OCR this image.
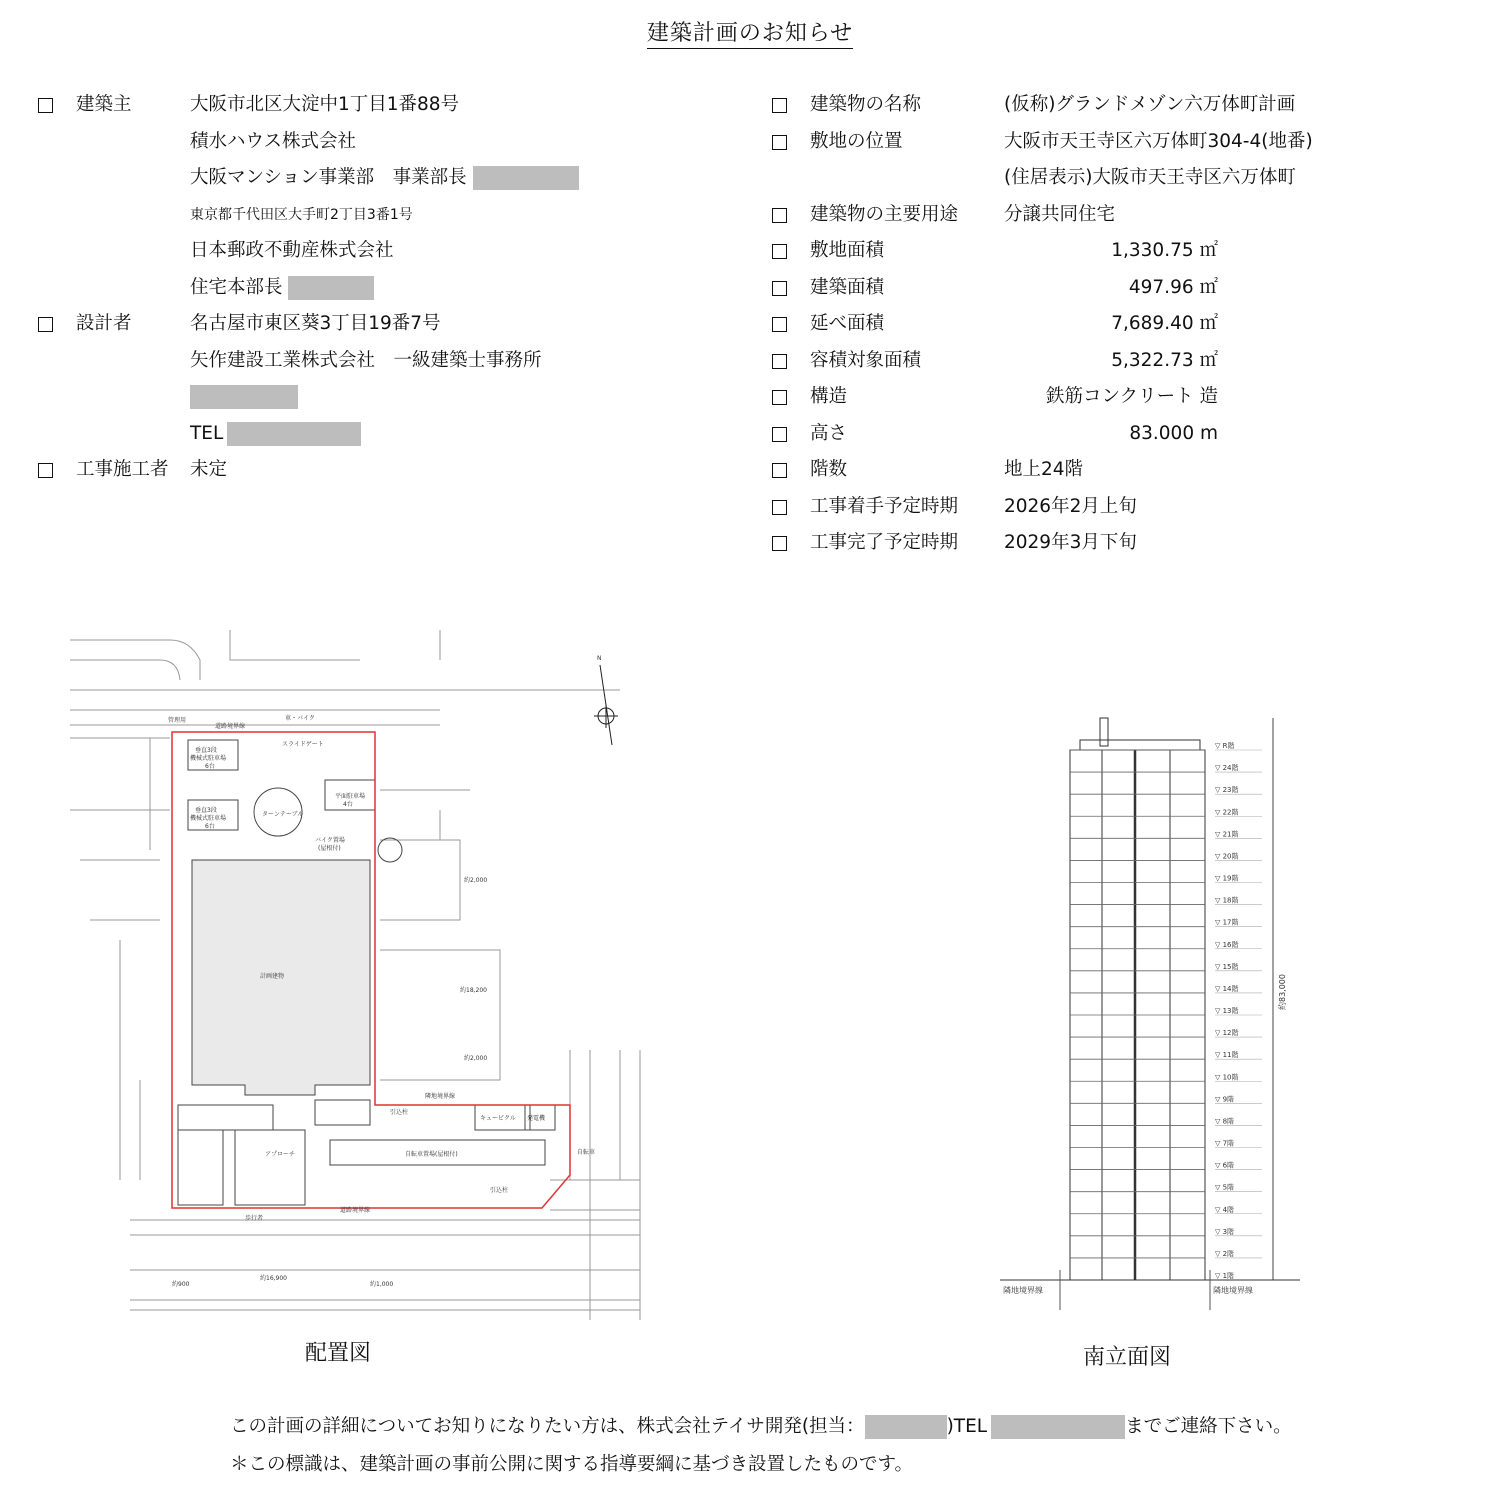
建築計画のお知らせ
建築主	大阪市北区大淀中1丁目1番88号
積水ハウス株式会社
大阪マンション事業部　事業部長
東京都千代田区大手町2丁目3番1号
日本郵政不動産株式会社
住宅本部長
設計者	名古屋市東区葵3丁目19番7号
矢作建設工業株式会社　一級建築士事務所
TEL
工事施工者 未定
建築物の名称	(仮称)グランドメゾン六万体町計画
敷地の位置	大阪市天王寺区六万体町304-4(地番)
(住居表示)大阪市天王寺区六万体町
建築物の主要用途 分譲共同住宅
敷地面積	1,330.75 ㎡
建築面積	497.96 ㎡
延べ面積	7,689.40 ㎡
容積対象面積	5,322.73 ㎡
構造	鉄筋コンクリート 造
高さ	83.000 m
階数	地上24階
工事着手予定時期 2026年2月上旬
工事完了予定時期 2029年3月下旬
管理用
道路境界線
車・バイク
スライドゲート
垂直3段
機械式駐車場
6台
垂直3段
機械式駐車場
6台
ターンテーブル
平面駐車場
4台
バイク置場
(屋根付)
計画建物
隣地境界線
引込柱
キュービクル 発電機
アプローチ	自転車置場(屋根付)
引込柱
歩行者
道路境界線
自転車
約2,000
約18,200
約2,000
約900
約16,900
約1,000
N
配置図
▽ R階
▽ 24階
▽ 23階
▽ 22階
▽ 21階
▽ 20階
▽ 19階
▽ 18階
▽ 17階
▽ 16階
▽ 15階
▽ 14階
▽ 13階
▽ 12階
▽ 11階
▽ 10階
▽ 9階
▽ 8階
▽ 7階
▽ 6階
▽ 5階
▽ 4階
▽ 3階
▽ 2階
▽ 1階
約83,000
隣地境界線	隣地境界線
南立面図
この計画の詳細についてお知りになりたい方は、株式会社テイサ開発(担当：	)TEL	までご連絡下さい。
＊この標識は、建築計画の事前公開に関する指導要綱に基づき設置したものです。
